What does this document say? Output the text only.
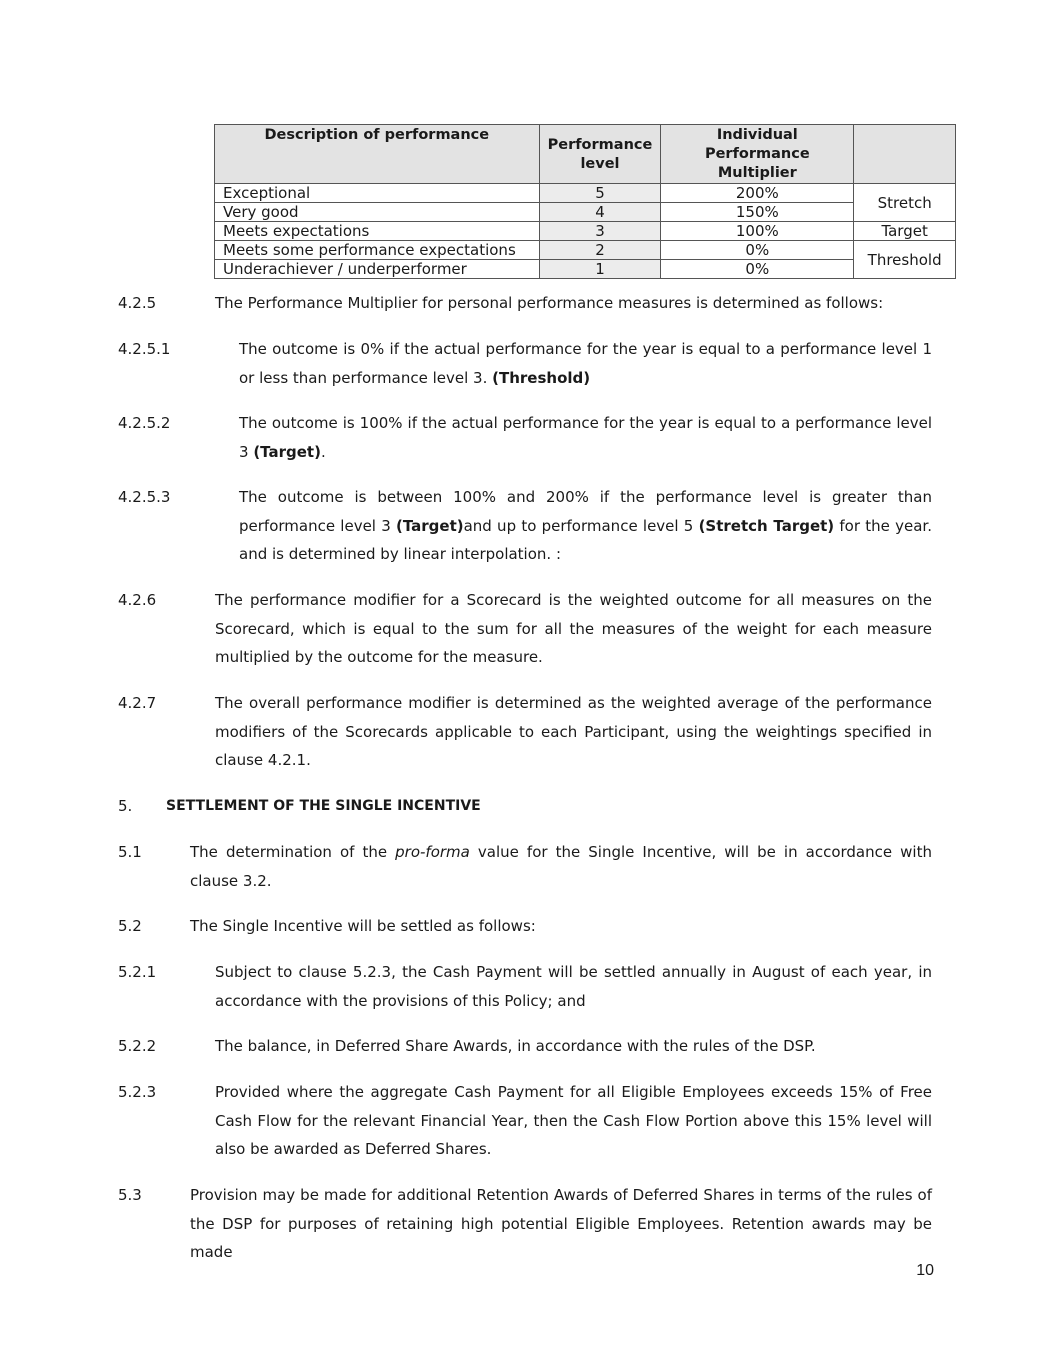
Description of performance	Performance level	Individual Performance Multiplier	
Exceptional	5	200%	Stretch
Very good	4	150%	
Meets expectations	3	100%	Target
Meets some performance expectations	2	0%	Threshold
Underachiever / underperformer	1	0%	
4.2.5	The Performance Multiplier for personal performance measures is determined as follows:
4.2.5.1	The outcome is 0% if the actual performance for the year is equal to a performance level 1 or less than performance level 3. (Threshold)
4.2.5.2	The outcome is 100% if the actual performance for the year is equal to a performance level 3 (Target).
4.2.5.3	The outcome is between 100% and 200% if the performance level is greater than performance level 3 (Target)and up to performance level 5 (Stretch Target) for the year. and is determined by linear interpolation. :
4.2.6	The performance modifier for a Scorecard is the weighted outcome for all measures on the Scorecard, which is equal to the sum for all the measures of the weight for each measure multiplied by the outcome for the measure.
4.2.7	The overall performance modifier is determined as the weighted average of the performance modifiers of the Scorecards applicable to each Participant, using the weightings specified in clause 4.2.1.
5. SETTLEMENT OF THE SINGLE INCENTIVE
5.1	The determination of the pro-forma value for the Single Incentive, will be in accordance with clause 3.2.
5.2	The Single Incentive will be settled as follows:
5.2.1	Subject to clause 5.2.3, the Cash Payment will be settled annually in August of each year, in accordance with the provisions of this Policy; and
5.2.2	The balance, in Deferred Share Awards, in accordance with the rules of the DSP.
5.2.3	Provided where the aggregate Cash Payment for all Eligible Employees exceeds 15% of Free Cash Flow for the relevant Financial Year, then the Cash Flow Portion above this 15% level will also be awarded as Deferred Shares.
5.3	Provision may be made for additional Retention Awards of Deferred Shares in terms of the rules of the DSP for purposes of retaining high potential Eligible Employees. Retention awards may be made
10
